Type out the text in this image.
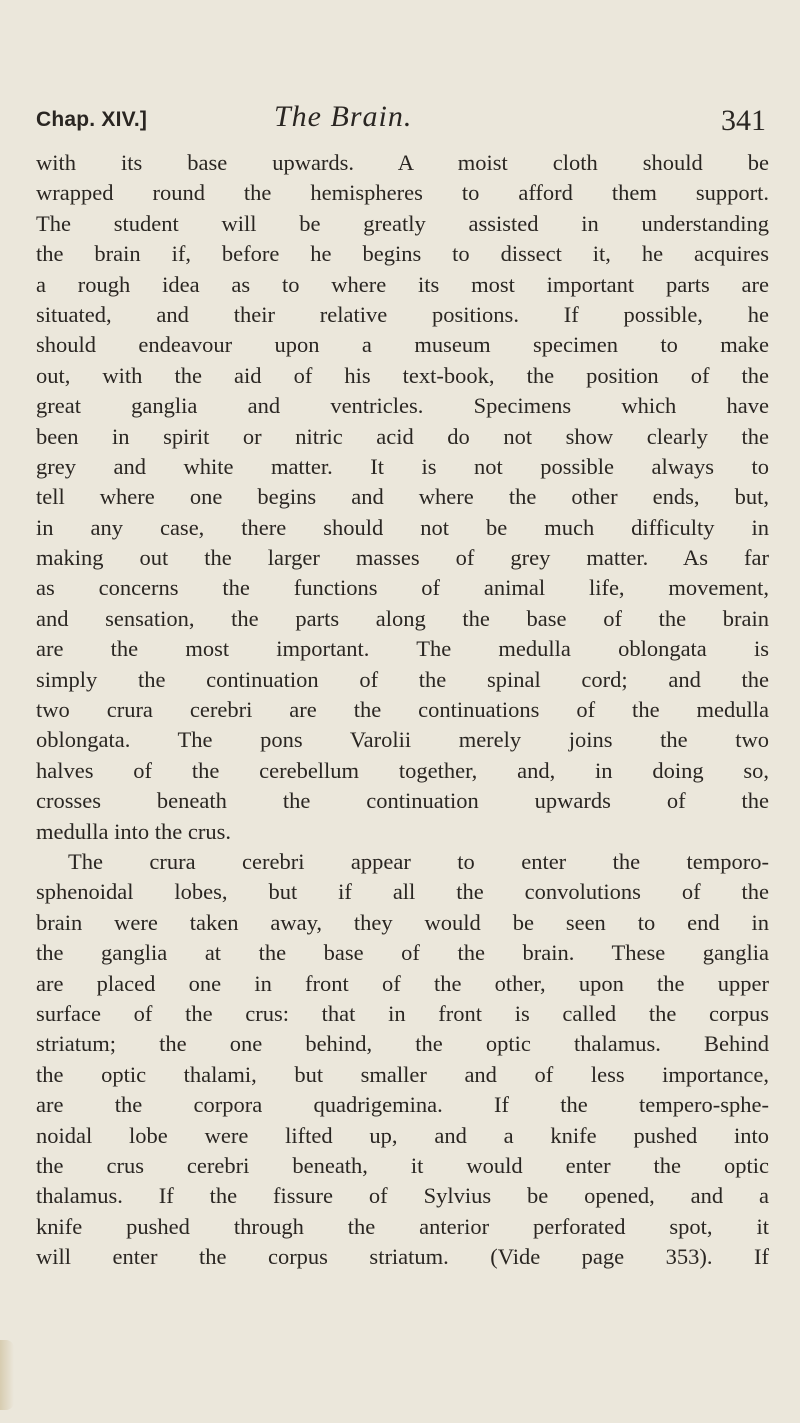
Chap. XIV.]	The Brain.	341
with its base upwards. A moist cloth should be
wrapped round the hemispheres to afford them support.
The student will be greatly assisted in understanding
the brain if, before he begins to dissect it, he acquires
a rough idea as to where its most important parts are
situated, and their relative positions. If possible, he
should endeavour upon a museum specimen to make
out, with the aid of his text-book, the position of the
great ganglia and ventricles. Specimens which have
been in spirit or nitric acid do not show clearly the
grey and white matter. It is not possible always to
tell where one begins and where the other ends, but,
in any case, there should not be much difficulty in
making out the larger masses of grey matter. As far
as concerns the functions of animal life, movement,
and sensation, the parts along the base of the brain
are the most important. The medulla oblongata is
simply the continuation of the spinal cord; and the
two crura cerebri are the continuations of the medulla
oblongata. The pons Varolii merely joins the two
halves of the cerebellum together, and, in doing so,
crosses beneath the continuation upwards of the
medulla into the crus.
The crura cerebri appear to enter the temporo-
sphenoidal lobes, but if all the convolutions of the
brain were taken away, they would be seen to end in
the ganglia at the base of the brain. These ganglia
are placed one in front of the other, upon the upper
surface of the crus: that in front is called the corpus
striatum; the one behind, the optic thalamus. Behind
the optic thalami, but smaller and of less importance,
are the corpora quadrigemina. If the tempero-sphe-
noidal lobe were lifted up, and a knife pushed into
the crus cerebri beneath, it would enter the optic
thalamus. If the fissure of Sylvius be opened, and a
knife pushed through the anterior perforated spot, it
will enter the corpus striatum. (Vide page 353). If
